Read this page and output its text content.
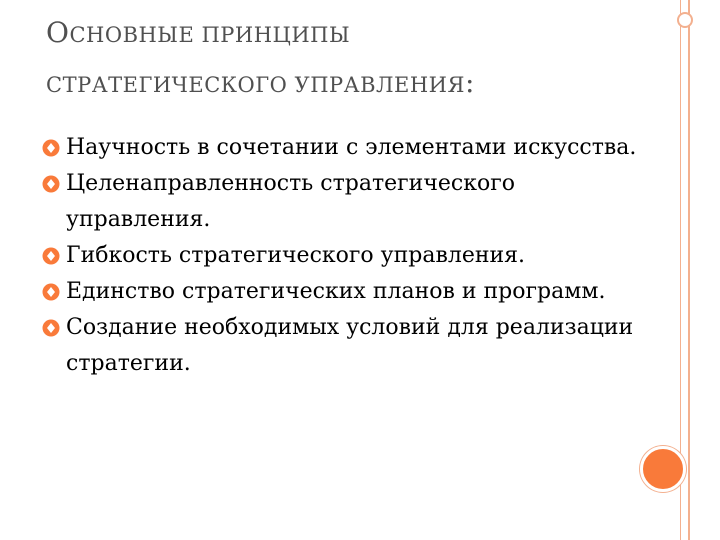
ОСНОВНЫЕ ПРИНЦИПЫ
СТРАТЕГИЧЕСКОГО УПРАВЛЕНИЯ:
Научность в сочетании с элементами искусства.
Целенаправленность стратегического управления.
Гибкость стратегического управления.
Единство стратегических планов и программ.
Создание необходимых условий для реализации стратегии.
